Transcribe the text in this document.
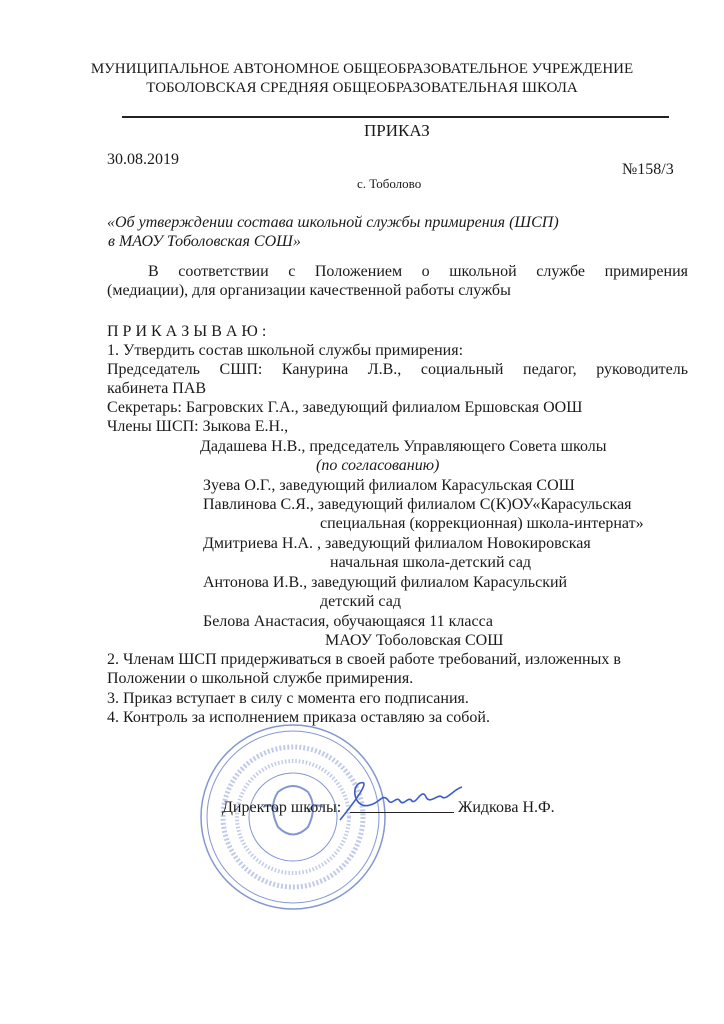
МУНИЦИПАЛЬНОЕ АВТОНОМНОЕ ОБЩЕОБРАЗОВАТЕЛЬНОЕ УЧРЕЖДЕНИЕ
ТОБОЛОВСКАЯ СРЕДНЯЯ ОБЩЕОБРАЗОВАТЕЛЬНАЯ ШКОЛА
ПРИКАЗ
30.08.2019
№158/3
с. Тоболово
«Об утверждении состава школьной службы примирения (ШСП)
в МАОУ Тоболовская СОШ»
В соответствии с Положением о школьной службе примирения
(медиации), для организации качественной работы службы
П Р И К А З Ы В А Ю :
1. Утвердить состав школьной службы примирения:
Председатель СШП: Канурина Л.В., социальный педагог, руководитель
кабинета ПАВ
Секретарь: Багровских Г.А., заведующий филиалом Ершовская ООШ
Члены ШСП: Зыкова Е.Н.,
Дадашева Н.В., председатель Управляющего Совета школы
(по согласованию)
Зуева О.Г., заведующий филиалом Карасульская СОШ
Павлинова С.Я., заведующий филиалом С(К)ОУ«Карасульская
специальная (коррекционная) школа-интернат»
Дмитриева Н.А. , заведующий филиалом Новокировская
начальная школа-детский сад
Антонова И.В., заведующий филиалом Карасульский
детский сад
Белова Анастасия, обучающаяся 11 класса
МАОУ Тоболовская СОШ
2. Членам ШСП придерживаться в своей работе требований, изложенных в
Положении о школьной службе примирения.
3. Приказ вступает в силу с момента его подписания.
4. Контроль за исполнением приказа оставляю за собой.
Директор школы:	Жидкова Н.Ф.
